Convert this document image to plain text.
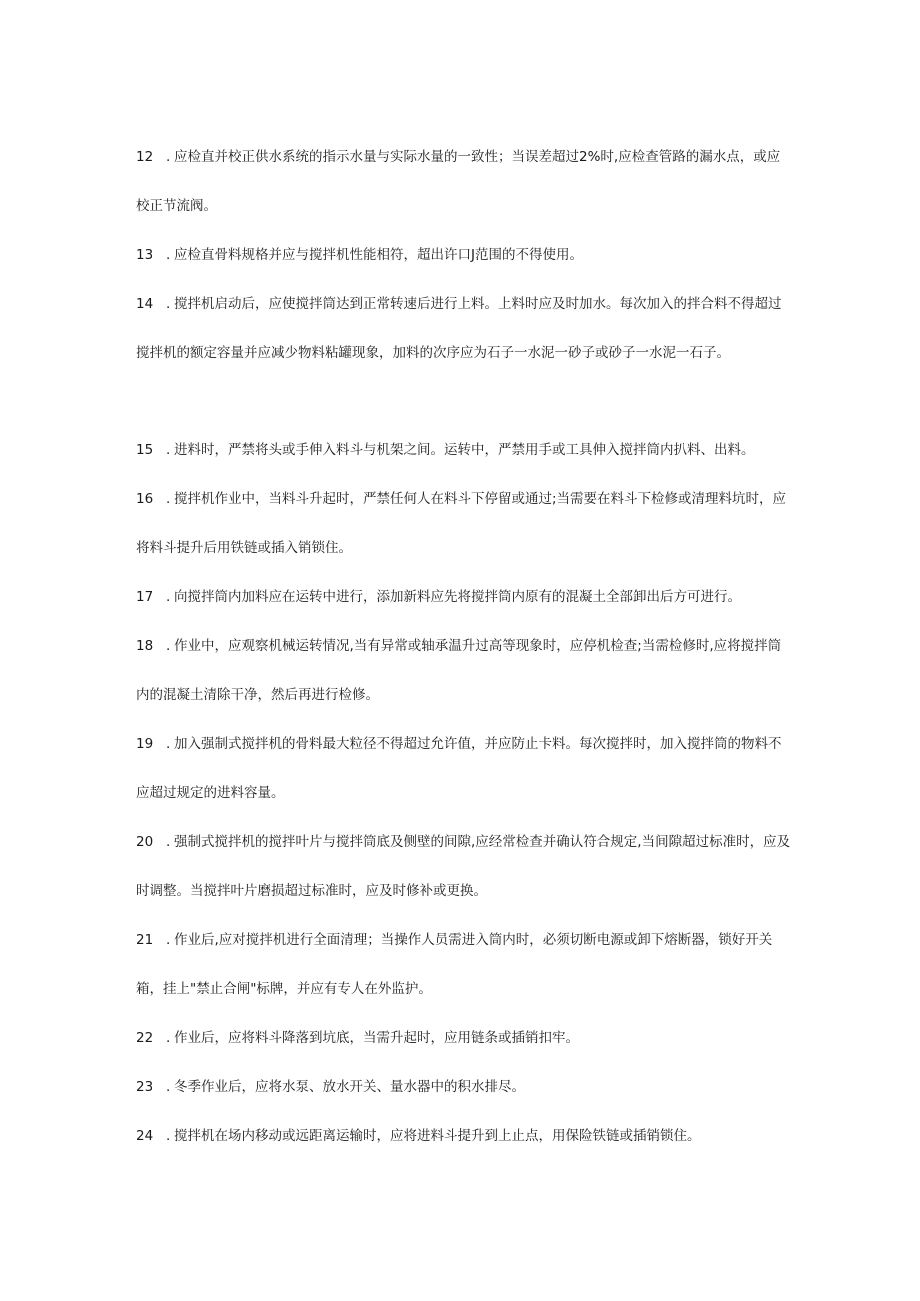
12 . 应检直并校正供水系统的指示水量与实际水量的一致性；当误差超过2%时,应检查管路的漏水点，或应校正节流阀。

13 . 应检直骨料规格并应与搅拌机性能相符，超出许口J范围的不得使用。

14 . 搅拌机启动后，应使搅拌筒达到正常转速后进行上料。上料时应及时加水。每次加入的拌合料不得超过搅拌机的额定容量并应减少物料粘罐现象，加料的次序应为石子一水泥一砂子或砂子一水泥一石子。

15 . 进料时，严禁将头或手伸入料斗与机架之间。运转中，严禁用手或工具伸入搅拌筒内扒料、出料。

16 . 搅拌机作业中，当料斗升起时，严禁任何人在料斗下停留或通过;当需要在料斗下检修或清理料坑时，应将料斗提升后用铁链或插入销锁住。

17 . 向搅拌筒内加料应在运转中进行，添加新料应先将搅拌筒内原有的混凝土全部卸出后方可进行。

18 . 作业中，应观察机械运转情况,当有异常或轴承温升过高等现象时，应停机检查;当需检修时,应将搅拌筒内的混凝土清除干净，然后再进行检修。

19 . 加入强制式搅拌机的骨料最大粒径不得超过允许值，并应防止卡料。每次搅拌时，加入搅拌筒的物料不应超过规定的进料容量。

20 . 强制式搅拌机的搅拌叶片与搅拌筒底及侧壁的间隙,应经常检查并确认符合规定,当间隙超过标准时，应及时调整。当搅拌叶片磨损超过标准时，应及时修补或更换。

21 . 作业后,应对搅拌机进行全面清理；当操作人员需进入筒内时，必须切断电源或卸下熔断器，锁好开关箱，挂上"禁止合闸"标牌，并应有专人在外监护。

22 . 作业后，应将料斗降落到坑底，当需升起时，应用链条或插销扣牢。

23 . 冬季作业后，应将水泵、放水开关、量水器中的积水排尽。

24 . 搅拌机在场内移动或远距离运输时，应将进料斗提升到上止点，用保险铁链或插销锁住。
